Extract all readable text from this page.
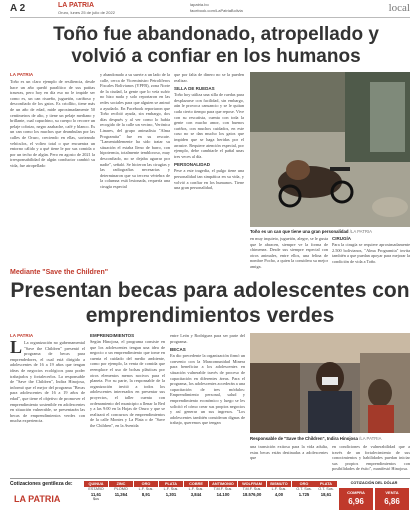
A 2	LA PATRIA
Oruro, lunes 25 de julio de 2022
lapatria.bo
facebook.com/LaPatriaBolivia	local
Toño fue abandonado, atropellado y volvió a confiar en los humanos
LA PATRIA
Toño es un claro ejemplo de resiliencia, desde hace un año quedó paralítico de sus patitas traseras, pero hoy en día eso no le impide ser como es, un can risueño, juguetón, cariñoso y desconfiado de los gatos. Es criollito, tiene más de un año de edad, mide aproximadamente 50 centímetros de alto, y tiene un pelaje mediano y brillante, cual capuchino, su cuerpo lo recorre un pelaje cobrizo, negro azabache, café y blanco. Es un can como los muchos que deambulan por las calles de Oruro, creciendo en ellas, sorteando vehículos, el volteo total o que encuentra un entorno cálido y a qué tiene le por sus comida o por un techo de algún. Pero en agosto de 2021 la irresponsabilidad de algún conductor cambió su vida, fue atropellado
y abandonado a su suerte a un lado de la calle, cerca de Viceministro Petrolíferos Fiscales Bolivianos (YPFB), zona Norte de la ciudad, la gente que lo veía sufrir no hizo nada y solo reportaron en las redes sociales para que alguien se animó a ayudarlo. En Facebook reportaron que Toño recibió ayuda, sin embargo, dos días después y al ver como lo había recogido de la calle un vecino, Verónica Linares, del grupo animalista "Alma Programita" fue en su rescate. "Lamentablemente ha sido tratar su situación el estaba lleno de barro, con hipotermia, totalmente tembloroso, muy desconfiado, no se dejaba agarrar por nadie", señaló. Se hicieron las cirugías y las radiografías necesarias y determinaron que su tercera vértebra de la columna está lesionada, requería una cirugía especial
que por falta de dinero no se la pueden realizar.
SILLA DE RUEDAS
Toño hoy utiliza una silla de ruedas para desplazarse con facilidad, sin embargo, aún le provoca cansancio y se le quitan cada cierto tiempo para que repose. Vive con su rescatista, cuenta con toda la gente con mucho amor, con buenos cariños, con muchos cuidados, en este caso no se dan mucho los gatos que impiden que se haga heridas por el arrastre. Requiere atención especial, por ejemplo, debe cambiarle el pañal unas tres veces al día.
PERSONALIDAD
Pese a este tragedia, el pulgo tiene una personalidad tan simpática en su vida, y volvió a confiar en los humanos. Tiene una gran personalidad,
Toño es un can que tiene una gran personalidad /LA PATRIA
en muy inquieto, juguetón, alegre, se le gusta que le abracen, siempre ve la forma de chimenea. Desde sus siempre especial con otros animales, entre ellos, una felina de nombre Pocho, a quien la considera su mejor amiga.
CIRUGÍA
Para la cirugía se requiere aproximadamente 2.500 bolivianos, "Alma Programita" invita también a que puedan apoyar para mejorar la condición de vida a Toño.
Mediante "Save the Children"
Presentan becas para adolescentes con emprendimientos verdes
LA PATRIA
L La organización no gubernamental "Save the Children" presentó el programa de becas para emprendedores, el cual está dirigido a adolescentes de 16 a 19 años que tengan ideas de negocios ecológicos para poder trabajarlos y fortalecerlos. La responsable de "Save the Children", Indira Hinojosa, informó que el mejor del programa "Becas para adolescentes de 16 a 19 años de edad", que tiene el objetivo de promover el emprendimiento sostenible en adolescentes en situación vulnerable, se presentarán las becas de emprendimientos verdes con mucha experiencia.
EMPRENDIMIENTOS
Según Hinojosa, el programa consiste en que los adolescentes tengan una idea de negocio o un emprendimiento que tome en cuenta el cuidado del medio ambiente, como por ejemplo, la venta de comida que reemplace el uso de bolsas plásticas por otros elementos menos nocivos para el planeta. Por su parte, la responsable de la organización invitó a todos los adolescentes interesados en presentar sus proyectos, el taller cuenta con ordenamiento del municipio a llenar la Red y a las 9:00 en la Hojas de Oruro y que se realizará el concursos de emprendimientos de la calle Montes y La Plata o de "Save the Children", en la Avenida
entre León y Rodríguez para ser parte del programa.
BECAS
En dio precedente la organización firmó un convenio con la Mancomunidad Minera para beneficiar a los adolescentes en situación vulnerable través de proceso de capacitación en diferentes áreas. Para el programa, los adolescentes accederán a una capacitación de tres módulos: Emprendimiento personal, salud y emprendimiento económico y luego se les solicitó el cómo crear sus propios negocios y así generar un sus ingresos. "Los adolescentes también consideran dignas de trabajo, queremos que tengan
Responsable de "Save the Children", Indira Hinojosa /LA PATRIA
una transición exitosa para la vida adulta, estas becas están destinadas a adolescentes que
en condiciones de vulnerabilidad que a través de un fortalecimiento de sus conocimientos y habilidades puedan iniciar sus propios emprendimientos con posibilidades de éxito", manifestó Hinojosa.
Cotizaciones gentileza de:
LA PATRIA
QUINUA
ESTAÑO
11,61
$us
ZINC
PLOMO
11,264
ORO
L.F. Sus.
8,91
PLATA
L.F. Sus.
1,301
COBRE
L.F. Sus.
3,844
ANTIMONIO
T.M.F. Sus.
14.100
WOLFRAM
T.M.F. Sus.
18.576,00
BISMUTO
L.F. Sus.
4,00
ORO
O.T. Sus.
1.725
PLATA
O.T. Sus.
18,61
COTIZACIÓN DEL DÓLAR
COMPRA
6,96
VENTA
6,86
